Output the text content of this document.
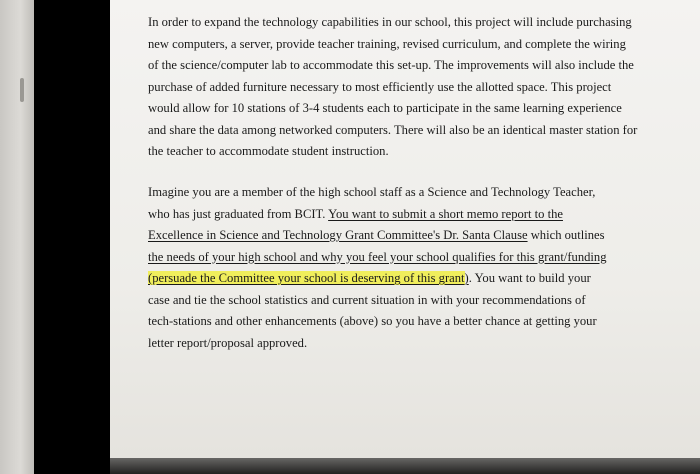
In order to expand the technology capabilities in our school, this project will include purchasing
new computers, a server, provide teacher training, revised curriculum, and complete the wiring
of the science/computer lab to accommodate this set-up. The improvements will also include the
purchase of added furniture necessary to most efficiently use the allotted space. This project
would allow for 10 stations of 3-4 students each to participate in the same learning experience
and share the data among networked computers. There will also be an identical master station for
the teacher to accommodate student instruction.
Imagine you are a member of the high school staff as a Science and Technology Teacher,
who has just graduated from BCIT. You want to submit a short memo report to the
Excellence in Science and Technology Grant Committee's Dr. Santa Clause which outlines
the needs of your high school and why you feel your school qualifies for this grant/funding
(persuade the Committee your school is deserving of this grant). You want to build your
case and tie the school statistics and current situation in with your recommendations of
tech-stations and other enhancements (above) so you have a better chance at getting your
letter report/proposal approved.
